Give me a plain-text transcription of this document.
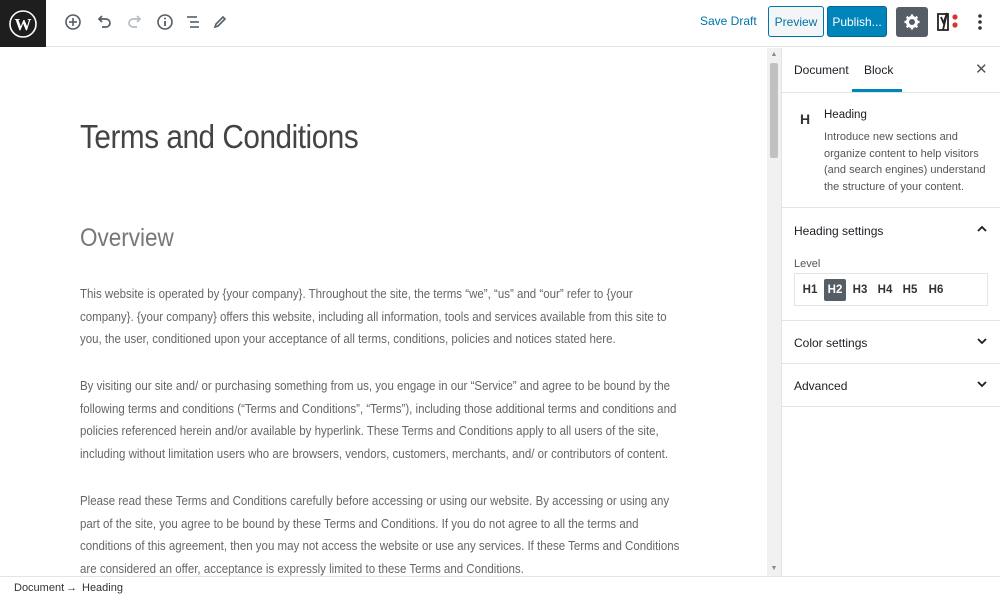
W	Save Draft	Preview	Publish...
Terms and Conditions
Overview
This website is operated by {your company}. Throughout the site, the terms “we”, “us” and “our” refer to {your company}. {your company} offers this website, including all information, tools and services available from this site to you, the user, conditioned upon your acceptance of all terms, conditions, policies and notices stated here.
By visiting our site and/ or purchasing something from us, you engage in our “Service” and agree to be bound by the following terms and conditions (“Terms and Conditions”, “Terms”), including those additional terms and conditions and policies referenced herein and/or available by hyperlink. These Terms and Conditions apply to all users of the site, including without limitation users who are browsers, vendors, customers, merchants, and/ or contributors of content.
Please read these Terms and Conditions carefully before accessing or using our website. By accessing or using any part of the site, you agree to be bound by these Terms and Conditions. If you do not agree to all the terms and conditions of this agreement, then you may not access the website or use any services. If these Terms and Conditions are considered an offer, acceptance is expressly limited to these Terms and Conditions.
▲
▼
Document Block	✕
H Heading
Introduce new sections and organize content to help visitors (and search engines) understand the structure of your content.
Heading settings
Level
H1 H2 H3 H4 H5 H6
Color settings
Advanced
Document → Heading
